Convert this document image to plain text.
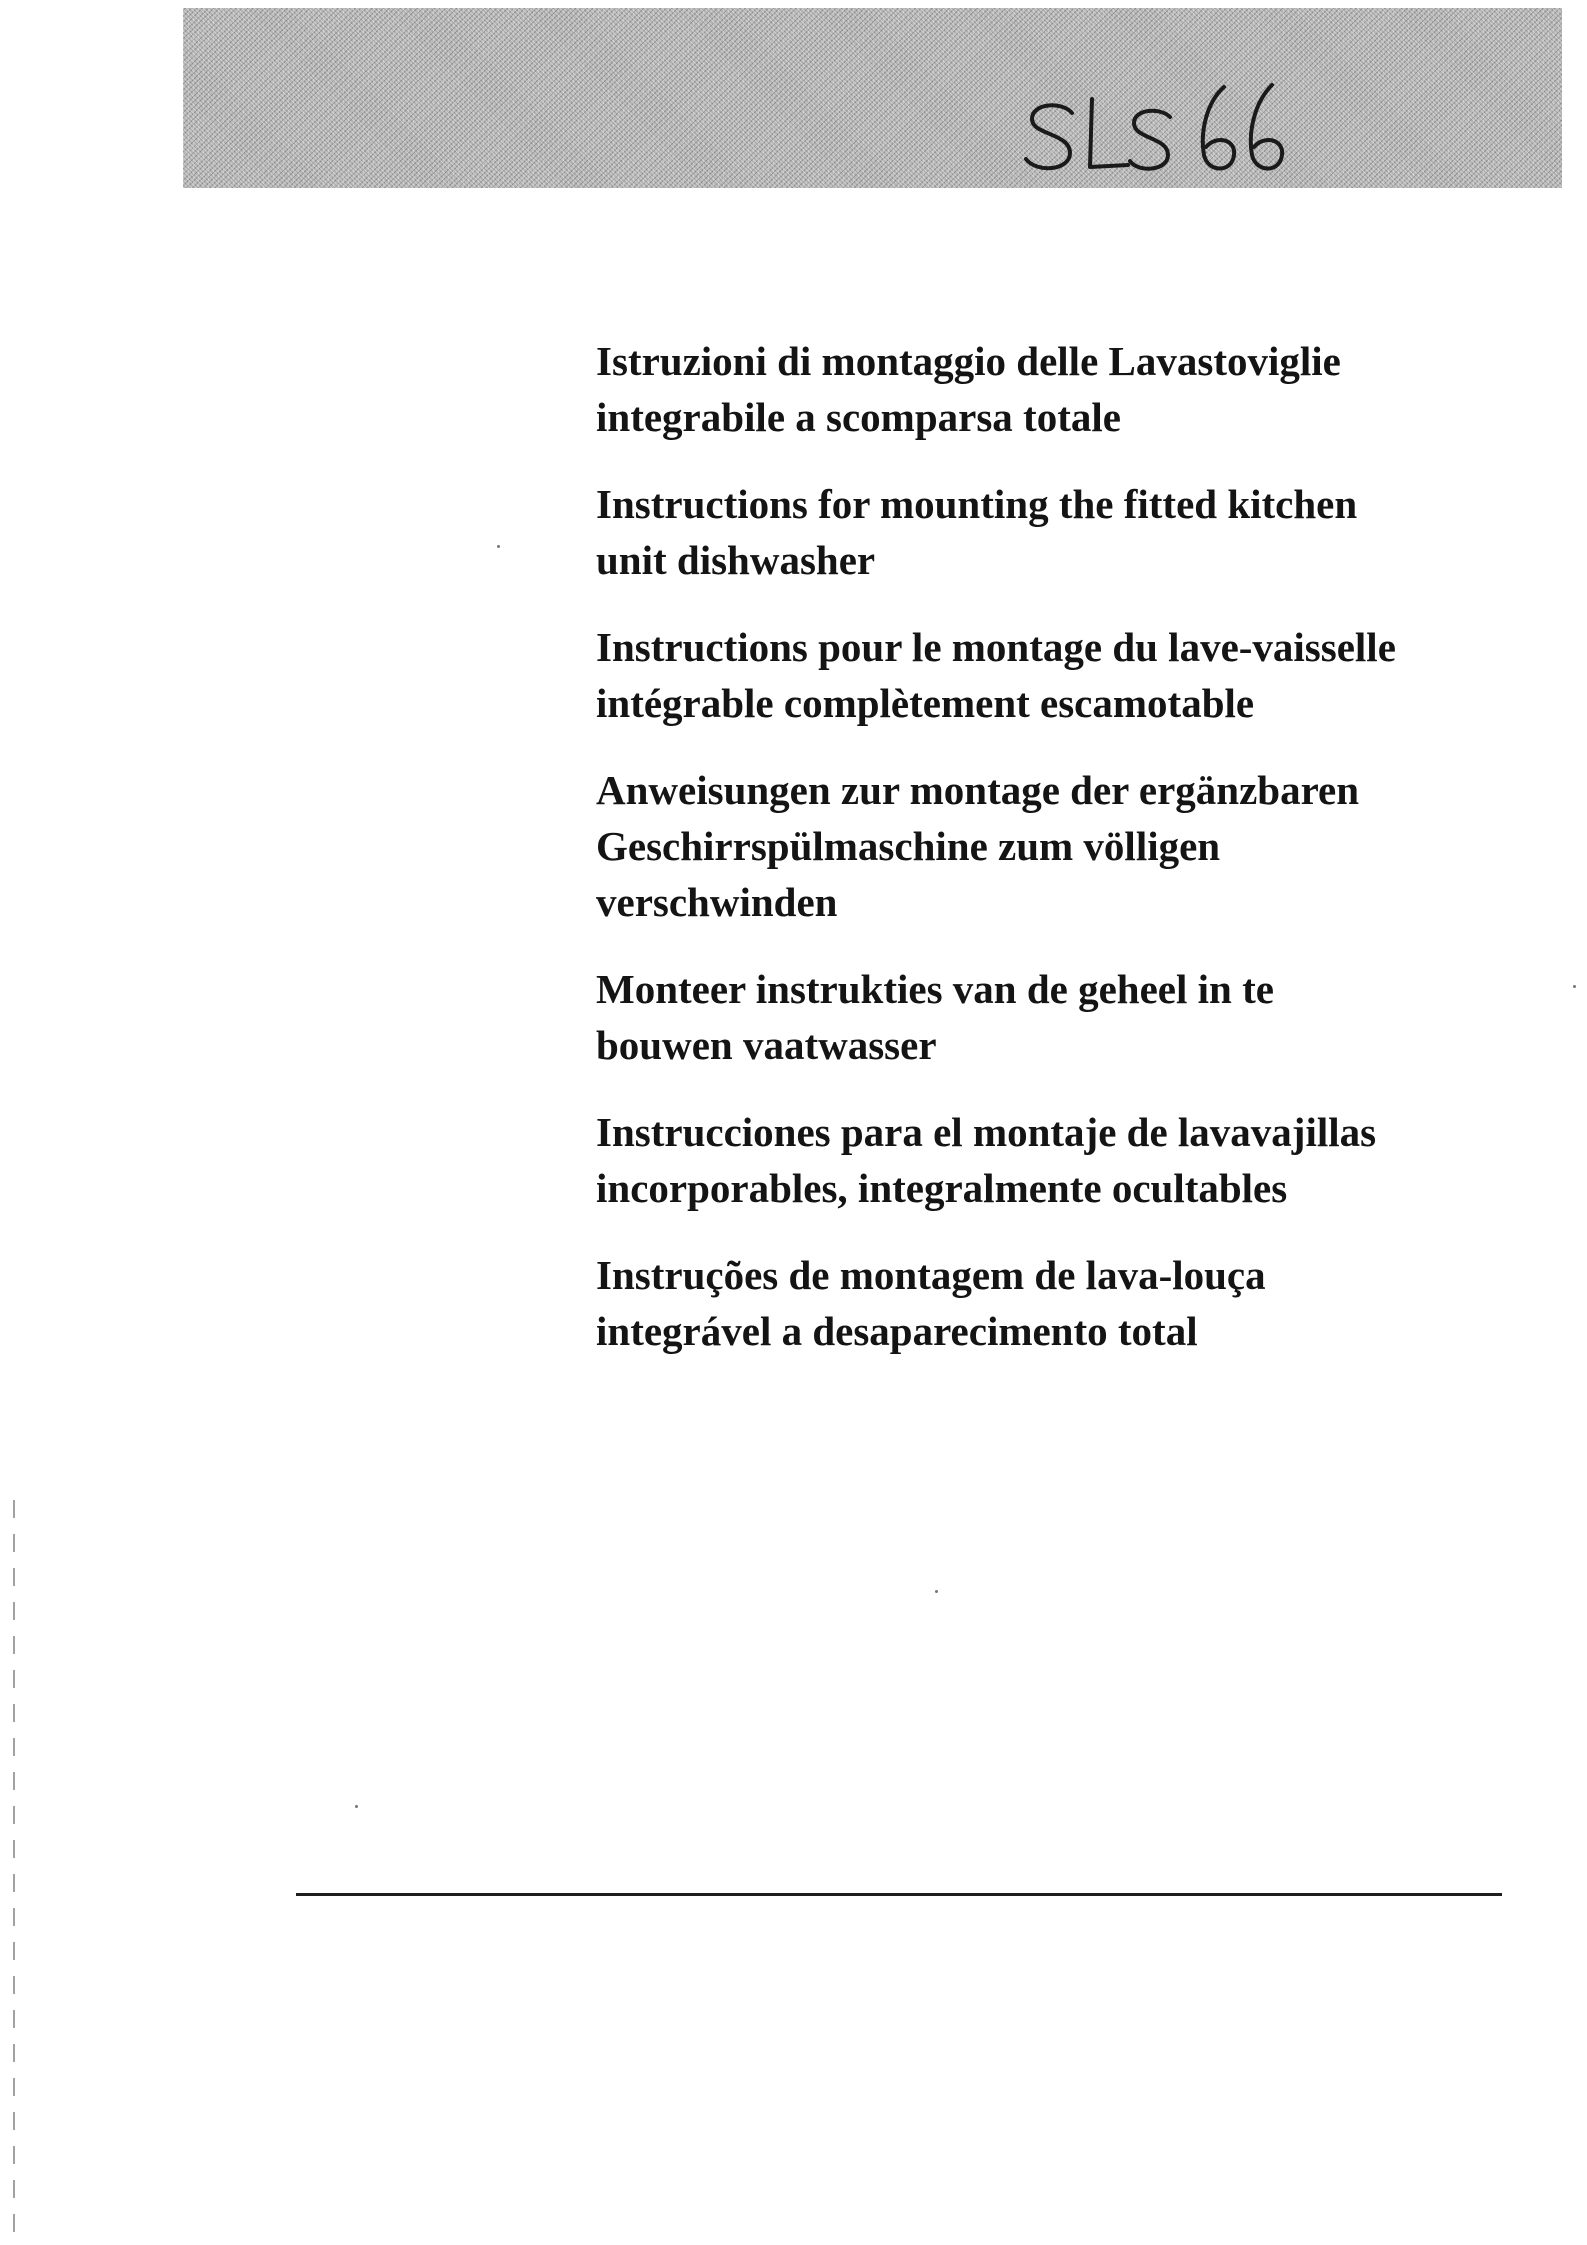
Istruzioni di montaggio delle Lavastoviglie
integrabile a scomparsa totale
Instructions for mounting the fitted kitchen
unit dishwasher
Instructions pour le montage du lave-vaisselle
intégrable complètement escamotable
Anweisungen zur montage der ergänzbaren
Geschirrspülmaschine zum völligen
verschwinden
Monteer instrukties van de geheel in te
bouwen vaatwasser
Instrucciones para el montaje de lavavajillas
incorporables, integralmente ocultables
Instruções de montagem de lava-louça
integrável a desaparecimento total
